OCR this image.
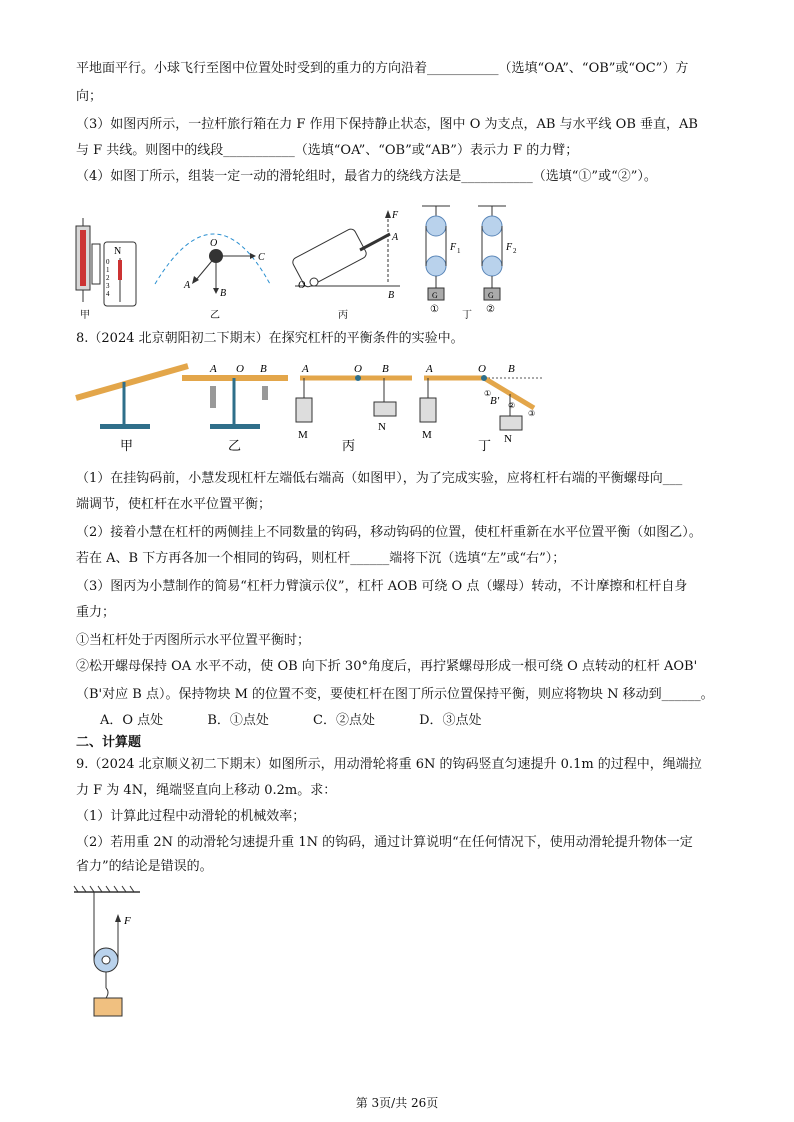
平地面平行。小球飞行至图中位置处时受到的重力的方向沿着___________（选填“OA”、“OB”或“OC”）方
向；
（3）如图丙所示，一拉杆旅行箱在力 F 作用下保持静止状态，图中 O 为支点，AB 与水平线 OB 垂直，AB
与 F 共线。则图中的线段___________（选填“OA”、“OB”或“AB”）表示力 F 的力臂；
（4）如图丁所示，组装一定一动的滑轮组时，最省力的绕线方法是___________（选填“①”或“②”）。
N
0
1
2
3
4
甲
O
C
B
A
乙
O
F
A
B
丙
G
F 1
①
G
F 2
②
丁
8.（2024 北京朝阳初二下期末）在探究杠杆的平衡条件的实验中。
甲
A O B
乙
A	O B
M
N
丙
A	O B
B'
①
②
③
M	N
丁
（1）在挂钩码前，小慧发现杠杆左端低右端高（如图甲），为了完成实验，应将杠杆右端的平衡螺母向___
端调节，使杠杆在水平位置平衡；
（2）接着小慧在杠杆的两侧挂上不同数量的钩码，移动钩码的位置，使杠杆重新在水平位置平衡（如图乙）。
若在 A、B 下方再各加一个相同的钩码，则杠杆______端将下沉（选填“左”或“右”）；
（3）图丙为小慧制作的简易“杠杆力臂演示仪”，杠杆 AOB 可绕 O 点（螺母）转动，不计摩擦和杠杆自身
重力；
①当杠杆处于丙图所示水平位置平衡时；
②松开螺母保持 OA 水平不动，使 OB 向下折 30°角度后，再拧紧螺母形成一根可绕 O 点转动的杠杆 AOB'
（B'对应 B 点）。保持物块 M 的位置不变，要使杠杆在图丁所示位置保持平衡，则应将物块 N 移动到______。
A．O 点处	B．①点处	C．②点处	D．③点处
二、计算题
9.（2024 北京顺义初二下期末）如图所示，用动滑轮将重 6N 的钩码竖直匀速提升 0.1m 的过程中，绳端拉
力 F 为 4N，绳端竖直向上移动 0.2m。求：
（1）计算此过程中动滑轮的机械效率；
（2）若用重 2N 的动滑轮匀速提升重 1N 的钩码，通过计算说明“在任何情况下，使用动滑轮提升物体一定
省力”的结论是错误的。
F
第 3页/共 26页
